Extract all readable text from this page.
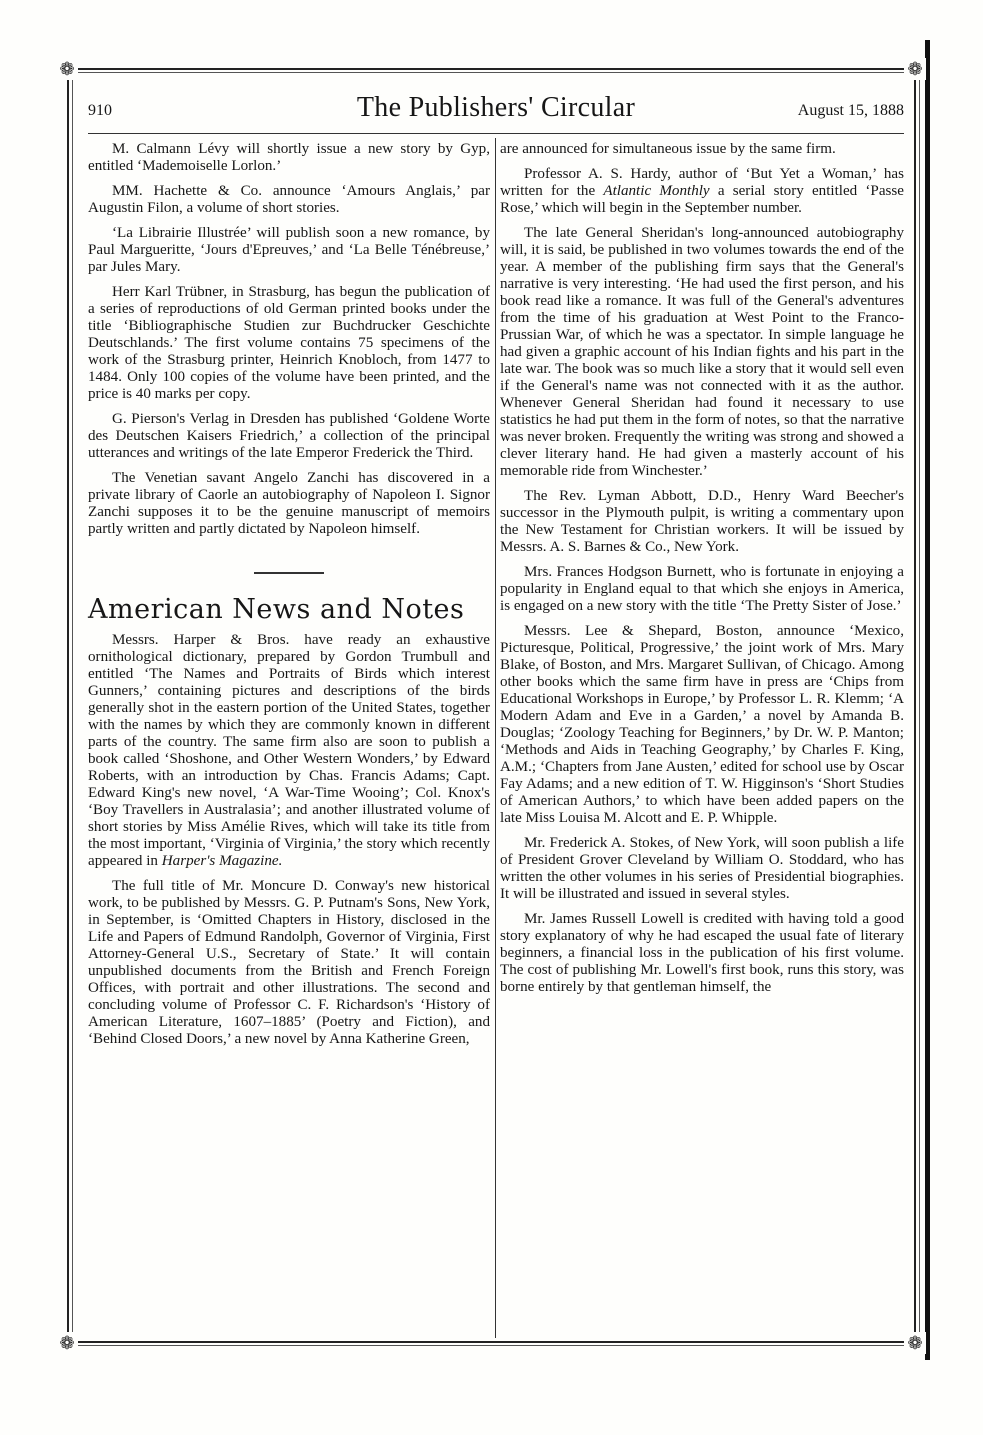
❁	❁
❁	❁
910	The Publishers' Circular	August 15, 1888

M. Calmann Lévy will shortly issue a new story by Gyp, entitled ‘Mademoiselle Lorlon.’

MM. Hachette & Co. announce ‘Amours Anglais,’ par Augustin Filon, a volume of short stories.

‘La Librairie Illustrée’ will publish soon a new romance, by Paul Margueritte, ‘Jours d'Epreuves,’ and ‘La Belle Ténébreuse,’ par Jules Mary.

Herr Karl Trübner, in Strasburg, has begun the publication of a series of reproductions of old German printed books under the title ‘Bibliographische Studien zur Buchdrucker Geschichte Deutschlands.’ The first volume contains 75 specimens of the work of the Strasburg printer, Heinrich Knobloch, from 1477 to 1484. Only 100 copies of the volume have been printed, and the price is 40 marks per copy.

G. Pierson's Verlag in Dresden has published ‘Goldene Worte des Deutschen Kaisers Friedrich,’ a collection of the principal utterances and writings of the late Emperor Frederick the Third.

The Venetian savant Angelo Zanchi has discovered in a private library of Caorle an autobiography of Napoleon I. Signor Zanchi supposes it to be the genuine manuscript of memoirs partly written and partly dictated by Napoleon himself.

American News and Notes

Messrs. Harper & Bros. have ready an exhaustive ornithological dictionary, prepared by Gordon Trumbull and entitled ‘The Names and Portraits of Birds which interest Gunners,’ containing pictures and descriptions of the birds generally shot in the eastern portion of the United States, together with the names by which they are commonly known in different parts of the country. The same firm also are soon to publish a book called ‘Shoshone, and Other Western Wonders,’ by Edward Roberts, with an introduction by Chas. Francis Adams; Capt. Edward King's new novel, ‘A War-Time Wooing’; Col. Knox's ‘Boy Travellers in Australasia’; and another illustrated volume of short stories by Miss Amélie Rives, which will take its title from the most important, ‘Virginia of Virginia,’ the story which recently appeared in Harper's Magazine.

The full title of Mr. Moncure D. Conway's new historical work, to be published by Messrs. G. P. Putnam's Sons, New York, in September, is ‘Omitted Chapters in History, disclosed in the Life and Papers of Edmund Randolph, Governor of Virginia, First Attorney-General U.S., Secretary of State.’ It will contain unpublished documents from the British and French Foreign Offices, with portrait and other illustrations. The second and concluding volume of Professor C. F. Richardson's ‘History of American Literature, 1607–1885’ (Poetry and Fiction), and ‘Behind Closed Doors,’ a new novel by Anna Katherine Green,

are announced for simultaneous issue by the same firm.

Professor A. S. Hardy, author of ‘But Yet a Woman,’ has written for the Atlantic Monthly a serial story entitled ‘Passe Rose,’ which will begin in the September number.

The late General Sheridan's long-announced autobiography will, it is said, be published in two volumes towards the end of the year. A member of the publishing firm says that the General's narrative is very interesting. ‘He had used the first person, and his book read like a romance. It was full of the General's adventures from the time of his graduation at West Point to the Franco-Prussian War, of which he was a spectator. In simple language he had given a graphic account of his Indian fights and his part in the late war. The book was so much like a story that it would sell even if the General's name was not connected with it as the author. Whenever General Sheridan had found it necessary to use statistics he had put them in the form of notes, so that the narrative was never broken. Frequently the writing was strong and showed a clever literary hand. He had given a masterly account of his memorable ride from Winchester.’

The Rev. Lyman Abbott, D.D., Henry Ward Beecher's successor in the Plymouth pulpit, is writing a commentary upon the New Testament for Christian workers. It will be issued by Messrs. A. S. Barnes & Co., New York.

Mrs. Frances Hodgson Burnett, who is fortunate in enjoying a popularity in England equal to that which she enjoys in America, is engaged on a new story with the title ‘The Pretty Sister of Jose.’

Messrs. Lee & Shepard, Boston, announce ‘Mexico, Picturesque, Political, Progressive,’ the joint work of Mrs. Mary Blake, of Boston, and Mrs. Margaret Sullivan, of Chicago. Among other books which the same firm have in press are ‘Chips from Educational Workshops in Europe,’ by Professor L. R. Klemm; ‘A Modern Adam and Eve in a Garden,’ a novel by Amanda B. Douglas; ‘Zoology Teaching for Beginners,’ by Dr. W. P. Manton; ‘Methods and Aids in Teaching Geography,’ by Charles F. King, A.M.; ‘Chapters from Jane Austen,’ edited for school use by Oscar Fay Adams; and a new edition of T. W. Higginson's ‘Short Studies of American Authors,’ to which have been added papers on the late Miss Louisa M. Alcott and E. P. Whipple.

Mr. Frederick A. Stokes, of New York, will soon publish a life of President Grover Cleveland by William O. Stoddard, who has written the other volumes in his series of Presidential biographies. It will be illustrated and issued in several styles.

Mr. James Russell Lowell is credited with having told a good story explanatory of why he had escaped the usual fate of literary beginners, a financial loss in the publication of his first volume. The cost of publishing Mr. Lowell's first book, runs this story, was borne entirely by that gentleman himself, the
